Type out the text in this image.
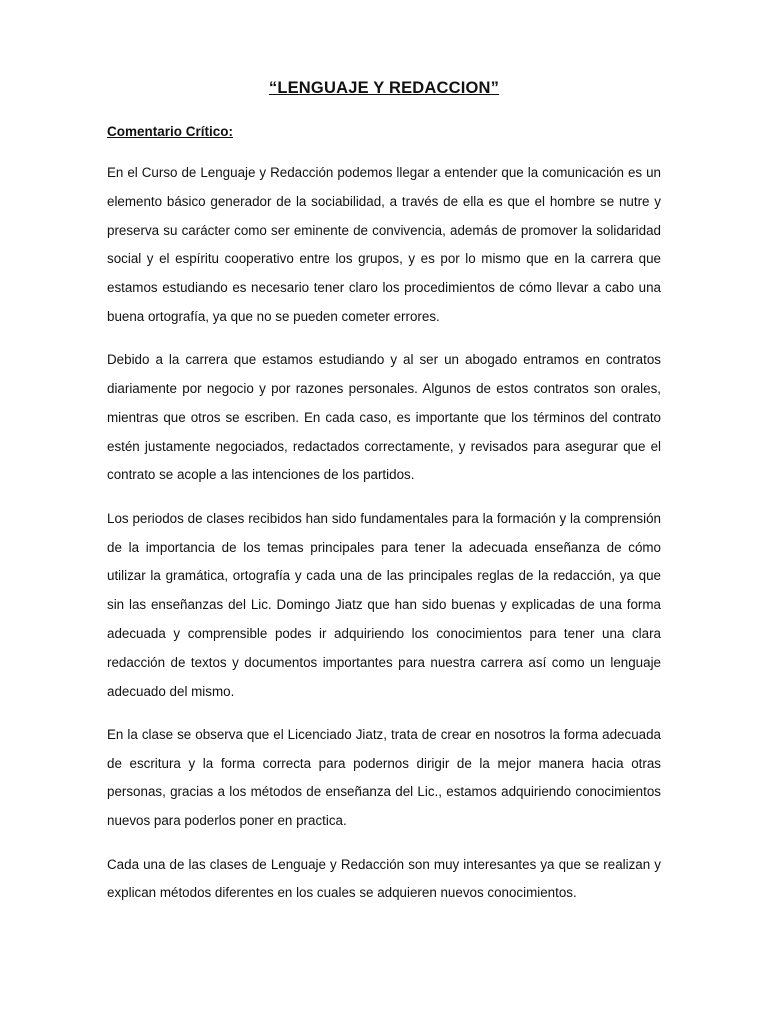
“LENGUAJE Y REDACCION”
Comentario Crítico:

En el Curso de Lenguaje y Redacción podemos llegar a entender que la comunicación es un elemento básico generador de la sociabilidad, a través de ella es que el hombre se nutre y preserva su carácter como ser eminente de convivencia, además de promover la solidaridad social y el espíritu cooperativo entre los grupos, y es por lo mismo que en la carrera que estamos estudiando es necesario tener claro los procedimientos de cómo llevar a cabo una buena ortografía, ya que no se pueden cometer errores.

Debido a la carrera que estamos estudiando y al ser un abogado entramos en contratos diariamente por negocio y por razones personales. Algunos de estos contratos son orales, mientras que otros se escriben. En cada caso, es importante que los términos del contrato estén justamente negociados, redactados correctamente, y revisados para asegurar que el contrato se acople a las intenciones de los partidos.

Los periodos de clases recibidos han sido fundamentales para la formación y la comprensión de la importancia de los temas principales para tener la adecuada enseñanza de cómo utilizar la gramática, ortografía y cada una de las principales reglas de la redacción, ya que sin las enseñanzas del Lic. Domingo Jiatz que han sido buenas y explicadas de una forma adecuada y comprensible podes ir adquiriendo los conocimientos para tener una clara redacción de textos y documentos importantes para nuestra carrera así como un lenguaje adecuado del mismo.

En la clase se observa que el Licenciado Jiatz, trata de crear en nosotros la forma adecuada de escritura y la forma correcta para podernos dirigir de la mejor manera hacia otras personas, gracias a los métodos de enseñanza del Lic., estamos adquiriendo conocimientos nuevos para poderlos poner en practica.

Cada una de las clases de Lenguaje y Redacción son muy interesantes ya que se realizan y explican métodos diferentes en los cuales se adquieren nuevos conocimientos.
